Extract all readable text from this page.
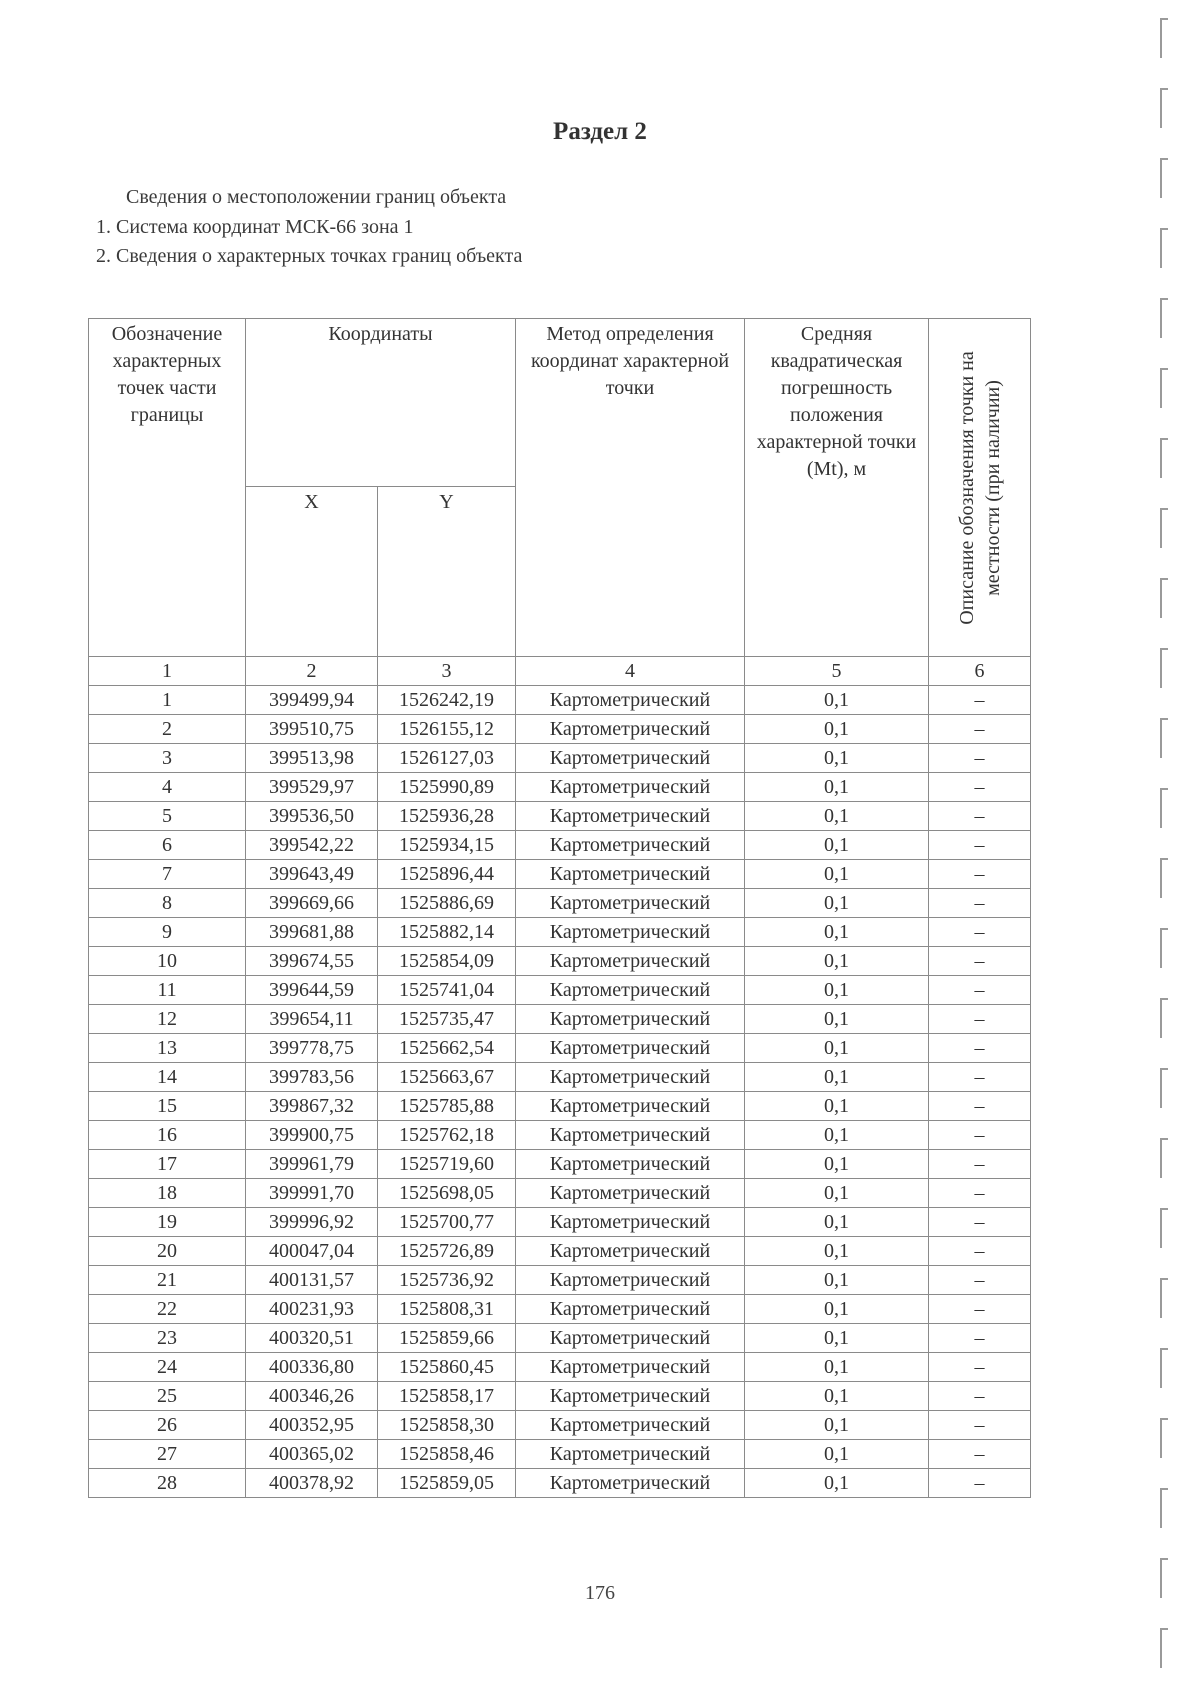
Раздел 2
Сведения о местоположении границ объекта
1. Система координат МСК-66 зона 1
2. Сведения о характерных точках границ объекта
Обозначение характерных точек части границы	Координаты		Метод определения координат характерной точки	Средняя квадратическая погрешность положения характерной точки (Mt), м	Описание обозначения точки на местности (при наличии)

	X	Y			
1	2	3	4	5	6
1	399499,94	1526242,19	Картометрический	0,1	–
2	399510,75	1526155,12	Картометрический	0,1	–
3	399513,98	1526127,03	Картометрический	0,1	–
4	399529,97	1525990,89	Картометрический	0,1	–
5	399536,50	1525936,28	Картометрический	0,1	–
6	399542,22	1525934,15	Картометрический	0,1	–
7	399643,49	1525896,44	Картометрический	0,1	–
8	399669,66	1525886,69	Картометрический	0,1	–
9	399681,88	1525882,14	Картометрический	0,1	–
10	399674,55	1525854,09	Картометрический	0,1	–
11	399644,59	1525741,04	Картометрический	0,1	–
12	399654,11	1525735,47	Картометрический	0,1	–
13	399778,75	1525662,54	Картометрический	0,1	–
14	399783,56	1525663,67	Картометрический	0,1	–
15	399867,32	1525785,88	Картометрический	0,1	–
16	399900,75	1525762,18	Картометрический	0,1	–
17	399961,79	1525719,60	Картометрический	0,1	–
18	399991,70	1525698,05	Картометрический	0,1	–
19	399996,92	1525700,77	Картометрический	0,1	–
20	400047,04	1525726,89	Картометрический	0,1	–
21	400131,57	1525736,92	Картометрический	0,1	–
22	400231,93	1525808,31	Картометрический	0,1	–
23	400320,51	1525859,66	Картометрический	0,1	–
24	400336,80	1525860,45	Картометрический	0,1	–
25	400346,26	1525858,17	Картометрический	0,1	–
26	400352,95	1525858,30	Картометрический	0,1	–
27	400365,02	1525858,46	Картометрический	0,1	–
28	400378,92	1525859,05	Картометрический	0,1	–
176
